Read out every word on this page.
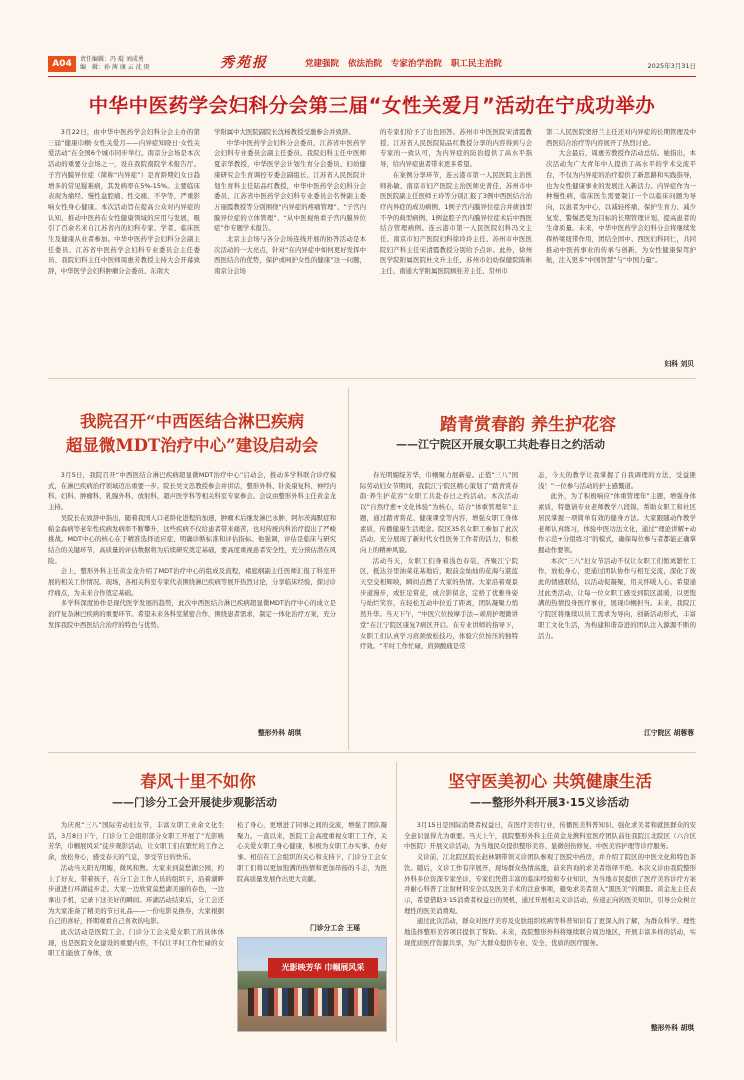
A04	责任编辑：冯 琨 刘成勇
编　辑：孙 茜 康 云 沈 庚	秀苑报	党建强院 依法治院 专家治学治院 职工民主治院	2025年3月31日
中华中医药学会妇科分会第三届“女性关爱月”活动在宁成功举办
3月22日，由中华中医药学会妇科分会主办的第三届“健康巾帼·女性关爱月——内异症知晓日·女性关爱活动”在全国6个城市同步举行。南京分会场是本次活动的重要分会场之一，设在我院南院学术报告厅。子宫内膜异位症（简称“内异症”）是育龄期妇女日趋增多的常见疑难病，其发病率在5%-15%。主要临床表现为痛经、慢性盆腔痛、性交痛、不孕等，严重影响女性身心健康。本次活动旨在提高公众对内异症的认知，推动中医药在女性健康领域的应用与发展，吸引了百余名来自江苏省内的妇科专家、学者、临床医生及健康从业者参加。中华中医药学会妇科分会副主任委员、江苏省中医药学会妇科专业委员会主任委员、我院妇科主任中医师周惠芳教授主持大会开幕致辞，中华医学会妇科肿瘤分会委员、东南大
学附属中大医院副院长沈杨教授受邀参会并致辞。
中华中医药学会妇科分会委员、江苏省中医药学会妇科专业委员会副主任委员、我院妇科主任中医师夏亲华教授，中华医学会计划生育分会委员、妇幼健康研究会生育调控专委会副组长、江苏省人民医院计划生育科主任陆品红教授，中华中医药学会妇科分会委员、江苏省中医药学会妇科专业委员会名誉副主委万丽霞教授等分别围绕“内异症的疼痛管理”、“子宫内膜异位症的立体管理”、“从中医视角看子宫内膜异位症”作专题学术报告。
北京主会场与各分会场连线开展的协答活动是本次活动的一大亮点，针对“在内异症中如何更好发挥中西医结合的优势，保护或呵护女性的健康”这一问题，南京分会场
的专家们给予了出色回答。苏州市中医医院宋清霞教授、江苏省人民医院陆品红教授分享的内容得到与会专家的一致认可，为内异症的防治提供了高水平指导，给内异症患者带来更多希望。
在案例分享环节，连云港市第一人民医院主治医师孙敏、南京市妇产医院主治医师史菁佳、苏州市中医医院副主任医师王玲等分别汇报了3例中西医结合治疗内异症的成功病例、1例子宫内膜异位症合并痰浊型不孕的典型病例、1例盆腔子宫内膜异位症术后中西医结合管理病例。连云港市第一人民医院妇科冯文主任、南京市妇产医院妇科徐玲玲主任、苏州市中医医院妇产科主任宋清霞教授分别给予点评。此外，徐州医学院附属医院杜文升主任、苏州市妇幼保健院陈彬主任、南通大学附属医院顾桂芳主任、常州市
第二人民医院窦舒兰主任还对内异症的长期管理及中西医结合治疗等内容展开了热烈讨论。
大会最后，周惠芳教授作活动总结。她指出，本次活动为广大青年中人提供了高水平的学术交流平台，不仅为内异症的治疗提供了新思路和实践指导，也为女性健康事业的发展注入新活力。内异症作为一种慢性病，临床医生需要制订一个以临床问题为导向，以患者为中心，以减轻疼痛、保护生育力、减少复发、警惕恶变为目标的长期管理计划，提高患者的生命质量。未来，中华中医药学会妇科分会将继续发挥桥梁纽带作用，团结全国中、西医妇科同仁，共同推动中医药事业的传承与创新，为女性健康保驾护航，注入更多“中国智慧”与“中国力量”。
妇科 刘贝
我院召开“中西医结合淋巴疾病
超显微MDT治疗中心”建设启动会
3月5日，我院召开“中西医结合淋巴疾病超显微MDT治疗中心”启动会，推动多学科联合诊疗模式，在淋巴疾病治疗领域迈出重要一步。院长吴文忠教授参会并讲话，整形外科、针灸康复科、神经内科、妇科、肿瘤科、乳腺外科、放射科、超声医学科等相关科室专家参会。会议由整形外科主任黄金龙主持。
吴院长在致辞中指出，随着我国人口老龄化进程的加速，肿瘤术后继发淋巴水肿、阿尔茨海默症和帕金森病等老年性疾病发病率不断攀升，这些疾病不仅给患者带来痛苦，也对传统内科治疗提出了严峻挑战。MDT中心的核心在于精准选择适应症、明确诊断标准和评估指标。他强调，评估是临床与研究结合的关键环节，高质量的评估数据将为后续研究奠定基础，要高度重视患者安全性，充分预估潜在风险。
会上，整形外科主任黄金龙介绍了MDT治疗中心的组成及流程，褚庭纲副主任医师汇报了科室开展的相关工作情况。现场，各相关科室专家代表围绕淋巴疾病等展开热烈讨论，分享临床经验，探讨诊疗痛点，为未来合作奠定基础。
多学科深度协作是现代医学发展的趋势，此次中西医结合淋巴疾病超显微MDT治疗中心的成立是治疗复杂淋巴疾病的重要环节。希望未来各科室紧密合作，围绕患者需求，制定一体化治疗方案，充分发挥我院中西医结合治疗的特色与优势。
整形外科 胡琪
踏青赏春韵 养生护花容
——江宁院区开展女职工共赴春日之约活动
春光明媚绽芳华，巾帼聚力展新姿。正值“三八”国际劳动妇女节期间，我院江宁院区精心策划了“踏青赏春韵·养生护花容”女职工共赴春日之约活动。本次活动以“自然疗愈+文化体验”为核心，结合“体重管理年”主题，通过踏青赏花、健康课堂等内容，增强女职工身体素质，传播健康生活理念。院区35名女职工参加了此次活动，充分展现了新时代女性医务工作者的活力，积极向上的精神风貌。
活动当天，女职工们身着浅色春装，齐聚江宁院区，抵达谷里油菜花基地后，眼前金灿灿的花海与湛蓝天空交相辉映，瞬间点燃了大家的热情。大家沿着观景步道漫步，或驻足赏花，或合影留念，定格了优雅身姿与灿烂笑容，在轻松互动中拉近了距离，团队凝聚力悄然升华。当天下午，“中医穴位按摩手法—顽肩护理微讲堂”在江宁院区康复7病区开启。在专业讲师的指导下，女职工们认真学习肩颈放松技巧，体验穴位按压的独特疗效。“平时工作忙碌，肩颈酸痛是常
态，今天的教学让我掌握了自我调理的方法，受益匪浅！”一位参与活动的护士感慨道。
此外，为了积极响应“体重管理年”主题，增强身体素质，特邀请专业老师教学八段锦，帮助女职工和社区居民掌握一项简单有效的健身方法。大家跟随动作教学老师认真练习，体验中医功法文化，通过“理论讲解+动作示范+分组练习”的模式，确保每位参与者都能正确掌握动作要领。
本次“三八”妇女节活动不仅让女职工们暂离繁忙工作，放松身心，更通过团队协作与相互交流，深化了彼此的情感联结，以活动促凝聚，用关怀暖人心。希望通过此类活动，让每一位女职工感受到院区温暖，以更饱满的热情投身医疗事业，展现巾帼担当。未来，我院江宁院区将继续以员工需求为导向，创新活动形式，丰富职工文化生活，为构建和谐奋进的团队注入源源不断的活力。
江宁院区 胡蓉蓉
春风十里不如你
——门诊分工会开展徒步观影活动
为庆祝“三八”国际劳动妇女节，丰富女职工业余文化生活，3月8日下午，门诊分工会组织部分女职工开展了“光影映芳华，巾帼展风采”徒步观影活动，让女职工们在繁忙的工作之余，放松身心，感受春天的气息，享受节日的快乐。
活动当天阳光明媚，微风和煦。大家来到莫愁湖公园，约上了好友，带着孩子，在分工会工作人员的组织下，沿着湖畔步道进行环湖徒步走。大家一边欣赏莫愁湖美丽的春色，一边拿出手机，记录下这美好的瞬间。环湖活动结束后，分工会还为大家准备了精美的节日礼品——一份电影兑换券，大家根据自己的喜好，择期观看自己喜欢的电影。
此次活动是医院工会、门诊分工会关爱女职工的具体体现，也是医院文化建设的重要内容，不仅让平时工作忙碌的女职工们能放了身体，放
松了身心，更增进了同事之间的交流，增强了团队凝聚力。一直以来，医院工会高度重视女职工工作，关心关爱女职工身心健康，积极为女职工办实事、办好事。相信在工会组织的关心和支持下，门诊分工会女职工们将以更加饱满的热情和更加昂扬的斗志，为医院高质量发展作出更大贡献。
门诊分工会 王瑶
光影映芳华 巾帼展风采
坚守医美初心 共筑健康生活
——整形外科开展3·15义诊活动
3月15日是国际消费者权益日，在医疗美容行业，传播医美科普知识、强化求美者和就医群众的安全意识显得尤为重要。当天上午，我院整形外科主任黄金龙携科室医疗团队前往我院江北院区（六合区中医院）开展义诊活动，为当地民众提供整形美容、显微创伤修复、中医美容护理等诊疗服务。
义诊前，江北院区院长赵林钢带领义诊团队参观了医院中药房，并介绍了院区的中医文化和特色茶饮。随后，义诊工作有序展开，现场群众热情高涨，前来咨询的求美者络绎不绝。本次义诊由我院整形外科多位资深专家坐诊，专家们凭借丰富的临床经验和专业知识，为当地市民提供了医疗美容诊疗方案并耐心科普了注射材料安全以及医美手术的注意事项，避免求美者误入“黑医美”的圈套。黄金龙主任表示，希望借助3·15消费者权益日的契机，通过开展相关义诊活动，传递正向的医美知识，引导公众树立理性的医美消费观。
通过此次活动，群众对医疗美容及皮肤组织疾病等科普知识有了更深入的了解，为群众科学、理性地选择整形美容项目提供了帮助。未来，我院整形外科将继续联合周边地区，开展丰富多样的活动，实现优质医疗资源共享，为广大群众提供专业、安全、优质的医疗服务。
整形外科 胡琪
